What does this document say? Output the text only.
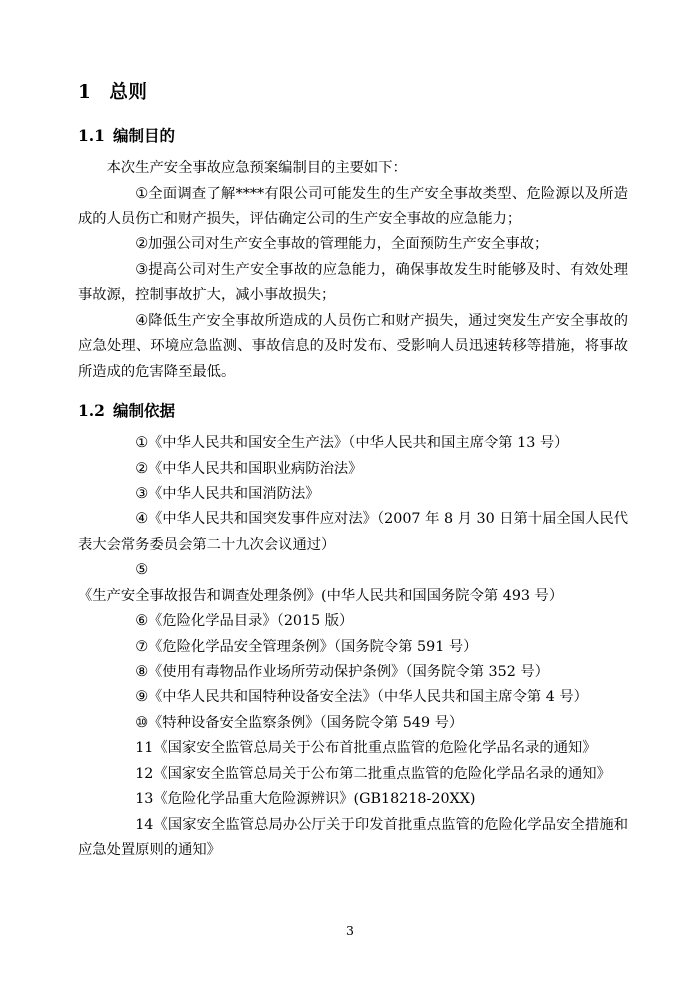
1 总则
1.1 编制目的

本次生产安全事故应急预案编制目的主要如下：

①全面调查了解****有限公司可能发生的生产安全事故类型、危险源以及所造成的人员伤亡和财产损失，评估确定公司的生产安全事故的应急能力；

②加强公司对生产安全事故的管理能力，全面预防生产安全事故；

③提高公司对生产安全事故的应急能力，确保事故发生时能够及时、有效处理事故源，控制事故扩大，减小事故损失；

④降低生产安全事故所造成的人员伤亡和财产损失，通过突发生产安全事故的应急处理、环境应急监测、事故信息的及时发布、受影响人员迅速转移等措施，将事故所造成的危害降至最低。

1.2 编制依据

①《中华人民共和国安全生产法》（中华人民共和国主席令第 13 号）

②《中华人民共和国职业病防治法》

③《中华人民共和国消防法》

④《中华人民共和国突发事件应对法》（2007 年 8 月 30 日第十届全国人民代表大会常务委员会第二十九次会议通过）

⑤《生产安全事故报告和调查处理条例》(中华人民共和国国务院令第 493 号）

⑥《危险化学品目录》（2015 版）

⑦《危险化学品安全管理条例》（国务院令第 591 号）

⑧《使用有毒物品作业场所劳动保护条例》（国务院令第 352 号）

⑨《中华人民共和国特种设备安全法》（中华人民共和国主席令第 4 号）

⑩《特种设备安全监察条例》（国务院令第 549 号）

11《国家安全监管总局关于公布首批重点监管的危险化学品名录的通知》

12《国家安全监管总局关于公布第二批重点监管的危险化学品名录的通知》

13《危险化学品重大危险源辨识》(GB18218-20XX)

14《国家安全监管总局办公厅关于印发首批重点监管的危险化学品安全措施和应急处置原则的通知》

3
